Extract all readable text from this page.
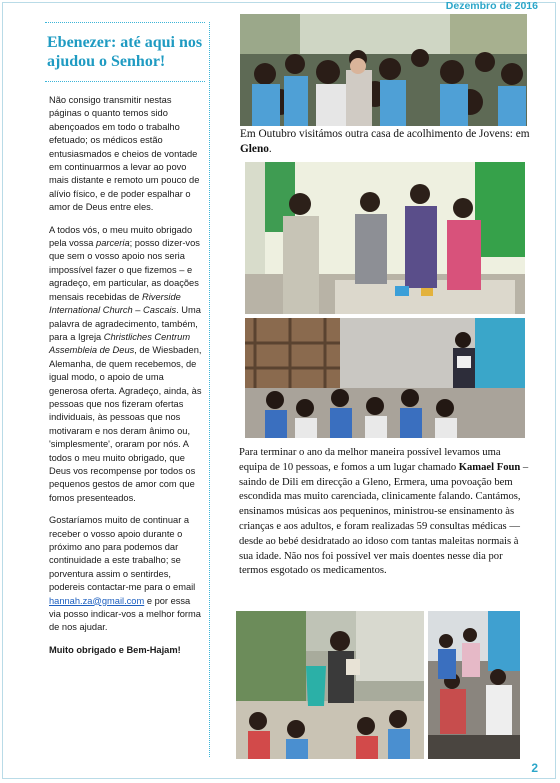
Dezembro de 2016
Ebenezer: até aqui nos ajudou o Senhor!

Não consigo transmitir nestas páginas o quanto temos sido abençoados em todo o trabalho efetuado; os médicos estão entusiasmados e cheios de vontade em continuarmos a levar ao povo mais distante e remoto um pouco de alívio físico, e de poder espalhar o amor de Deus entre eles.

A todos vós, o meu muito obrigado pela vossa parceria; posso dizer-vos que sem o vosso apoio nos seria impossível fazer o que fizemos – e agradeço, em particular, as doações mensais recebidas de Riverside International Church – Cascais. Uma palavra de agradecimento, também, para a Igreja Christliches Centrum Assembleia de Deus, de Wiesbaden, Alemanha, de quem recebemos, de igual modo, o apoio de uma generosa oferta. Agradeço, ainda, às pessoas que nos fizeram ofertas individuais, às pessoas que nos motivaram e nos deram ânimo ou, 'simplesmente', oraram por nós. A todos o meu muito obrigado, que Deus vos recompense por todos os pequenos gestos de amor com que fomos presenteados.

Gostaríamos muito de continuar a receber o vosso apoio durante o próximo ano para podemos dar continuidade a este trabalho; se porventura assim o sentirdes, podereis contactar-me para o email hannah.za@gmail.com e por essa via posso indicar-vos a melhor forma de nos ajudar.

Muito obrigado e Bem-Hajam!

Em Outubro visitámos outra casa de acolhimento de Jovens: em Gleno.
Para terminar o ano da melhor maneira possível levamos uma equipa de 10 pessoas, e fomos a um lugar chamado Kamael Foun – saindo de Dili em direcção a Gleno, Ermera, uma povoação bem escondida mas muito carenciada, clinicamente falando. Cantámos, ensinamos músicas aos pequeninos, ministrou-se ensinamento às crianças e aos adultos, e foram realizadas 59 consultas médicas — desde ao bebé desidratado ao idoso com tantas maleitas normais à sua idade. Não nos foi possível ver mais doentes nesse dia por termos esgotado os medicamentos.
2
